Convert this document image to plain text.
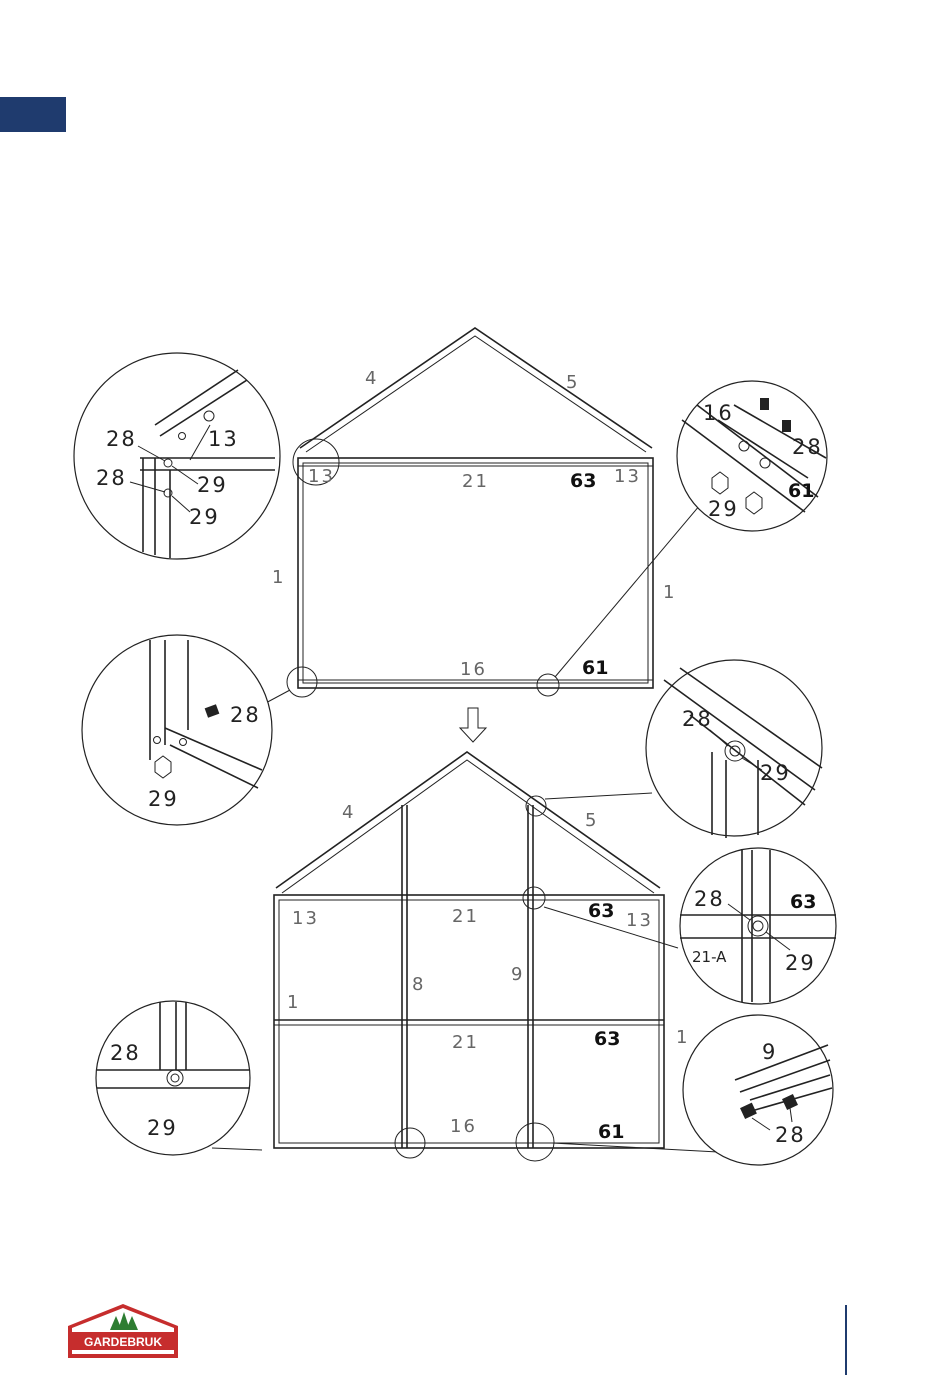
4	5
13	13
21	63
1
1
16	61
28
28
13
29
29
16
28
61
29
28
29
4	5
13	13
21	63
9
8
1
1
21	63
16	61
28
29
28	63
21-A	29
28
29
9
28
GARDEBRUK
